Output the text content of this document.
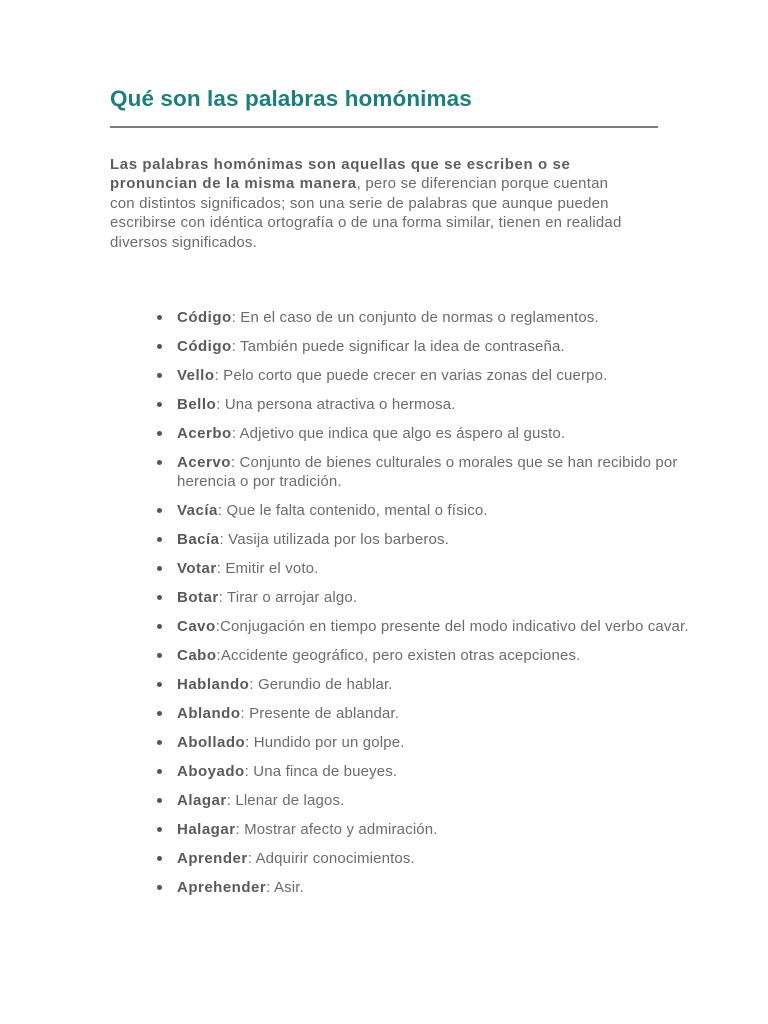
Qué son las palabras homónimas

Las palabras homónimas son aquellas que se escriben o se pronuncian de la misma manera, pero se diferencian porque cuentan con distintos significados; son una serie de palabras que aunque pueden escribirse con idéntica ortografía o de una forma similar, tienen en realidad diversos significados.

Código: En el caso de un conjunto de normas o reglamentos.
Código: También puede significar la idea de contraseña.
Vello: Pelo corto que puede crecer en varias zonas del cuerpo.
Bello: Una persona atractiva o hermosa.
Acerbo: Adjetivo que indica que algo es áspero al gusto.
Acervo: Conjunto de bienes culturales o morales que se han recibido por herencia o por tradición.
Vacía: Que le falta contenido, mental o físico.
Bacía: Vasija utilizada por los barberos.
Votar: Emitir el voto.
Botar: Tirar o arrojar algo.
Cavo:Conjugación en tiempo presente del modo indicativo del verbo cavar.
Cabo:Accidente geográfico, pero existen otras acepciones.
Hablando: Gerundio de hablar.
Ablando: Presente de ablandar.
Abollado: Hundido por un golpe.
Aboyado: Una finca de bueyes.
Alagar: Llenar de lagos.
Halagar: Mostrar afecto y admiración.
Aprender: Adquirir conocimientos.
Aprehender: Asir.
